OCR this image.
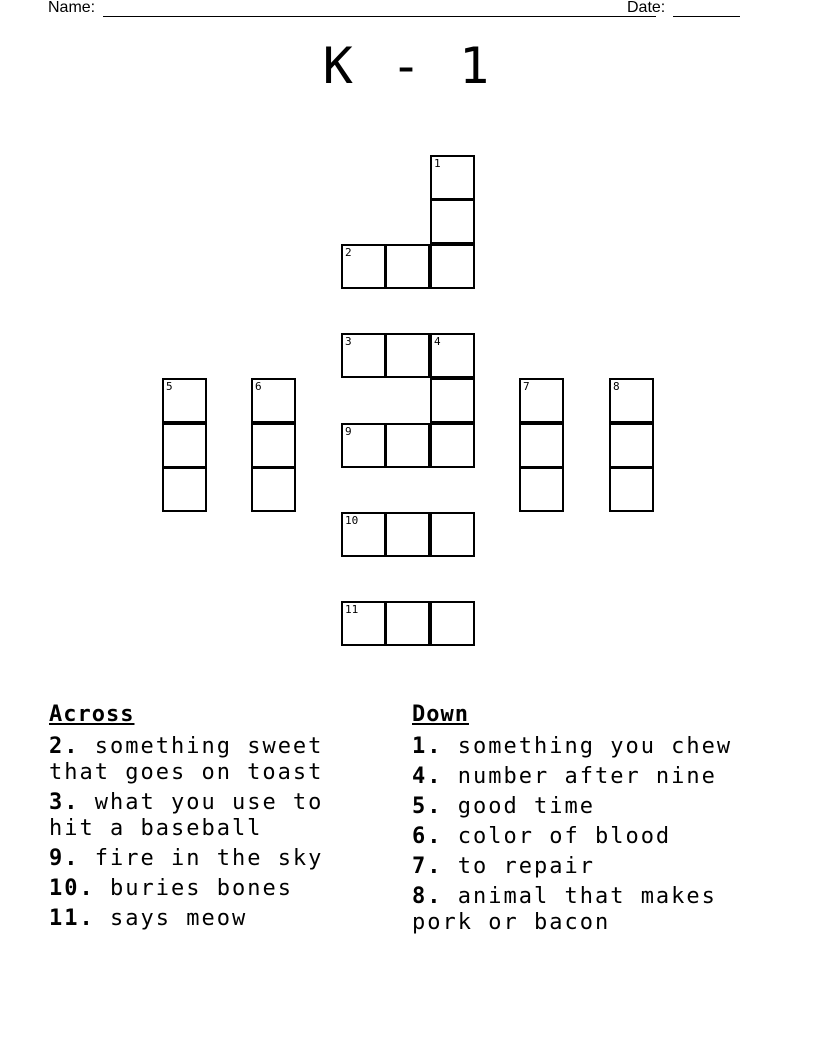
Name:	Date:
K - 1
1
2
3	4
9
5	6	7	8
10
11
Across
2. something sweet that goes on toast
3. what you use to hit a baseball
9. fire in the sky
10. buries bones
11. says meow
Down
1. something you chew
4. number after nine
5. good time
6. color of blood
7. to repair
8. animal that makes pork or bacon
